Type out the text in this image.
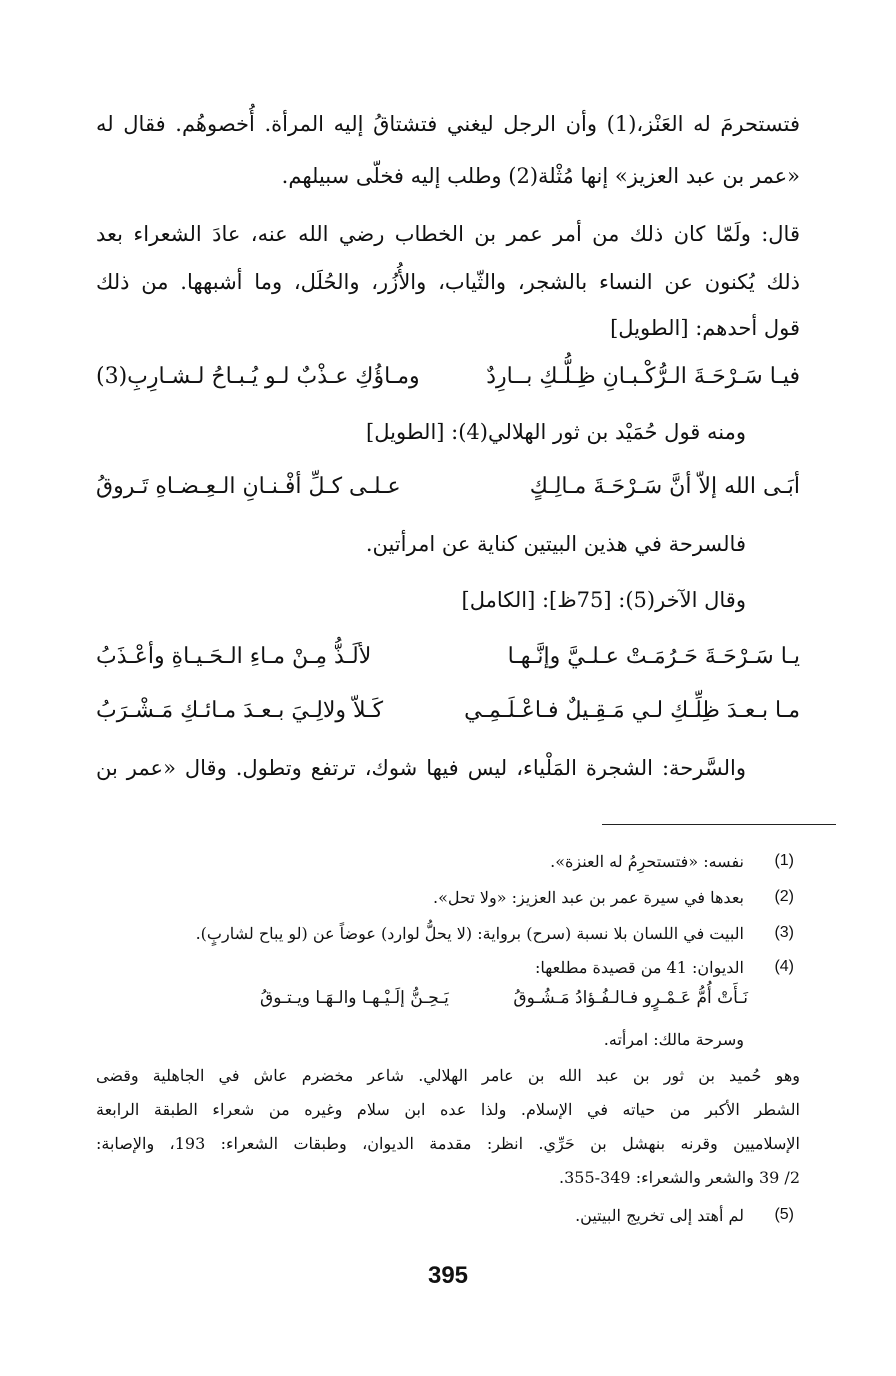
فتستحرمَ له العَنْز،(1) وأن الرجل ليغني فتشتاقُ إليه المرأة. أُخصوهُم. فقال له
«عمر بن عبد العزيز» إنها مُثْلة(2) وطلب إليه فخلّى سبيلهم.
قال: ولَمّا كان ذلك من أمر عمر بن الخطاب رضي الله عنه، عادَ الشعراء بعد
ذلك يُكنون عن النساء بالشجر، والثّياب، والأُزُر، والحُلَل، وما أشبهها. من ذلك
قول أحدهم: [الطويل]
فيـا سَـرْحَـةَ الـرُّكْـبـانِ ظِـلُّـكِ بــارِدٌ
ومـاؤُكِ عـذْبٌ لـو يُـبـاحُ لـشـارِبِ(3)
ومنه قول حُمَيْد بن ثور الهلالي(4): [الطويل]
أبَـى الله إلاّ أنَّ سَـرْحَـةَ مـالِـكٍ
عـلـى كـلِّ أفْـنـانِ الـعِـضـاهِ تَـروقُ
فالسرحة في هذين البيتين كناية عن امرأتين.
وقال الآخر(5): [75ظ]: [الكامل]
يـا سَـرْحَـةَ حَـرُمَـتْ عـلـيَّ وإنَّـهـا
لألَـذُّ مِـنْ مـاءِ الـحَـيـاةِ وأعْـذَبُ
مـا بـعـدَ ظِلِّـكِ لـي مَـقِـيلٌ فـاعْـلَـمِـي
كَـلاّ ولالِـيَ بـعـدَ مـائـكِ مَـشْـرَبُ
والسَّرحة: الشجرة المَلْياء، ليس فيها شوك، ترتفع وتطول. وقال «عمر بن
(1)
نفسه: «فتستحرِمُ له العنزة».
(2)
بعدها في سيرة عمر بن عبد العزيز: «ولا تحل».
(3)
البيت في اللسان بلا نسبة (سرح) برواية: (لا يحلُّ لوارد) عوضاً عن (لو يباح لشاربٍ).
(4)
الديوان: 41 من قصيدة مطلعها:
نَـأَتْ أُمُّ عَـمْـرٍو فـالـفُـؤادُ مَـشُـوقُ
يَـحِـنُّ إلَـيْـهـا والـهَـا ويـتـوقُ
وسرحة مالك: امرأته.
وهو حُميد بن ثور بن عبد الله بن عامر الهلالي. شاعر مخضرم عاش في الجاهلية وقضى
الشطر الأكبر من حياته في الإسلام. ولذا عده ابن سلام وغيره من شعراء الطبقة الرابعة
الإسلاميين وقرنه بنهشل بن حَرِّي. انظر: مقدمة الديوان، وطبقات الشعراء: 193، والإصابة:
2/ 39 والشعر والشعراء: 349-355.
(5)
لم أهتد إلى تخريج البيتين.
395
